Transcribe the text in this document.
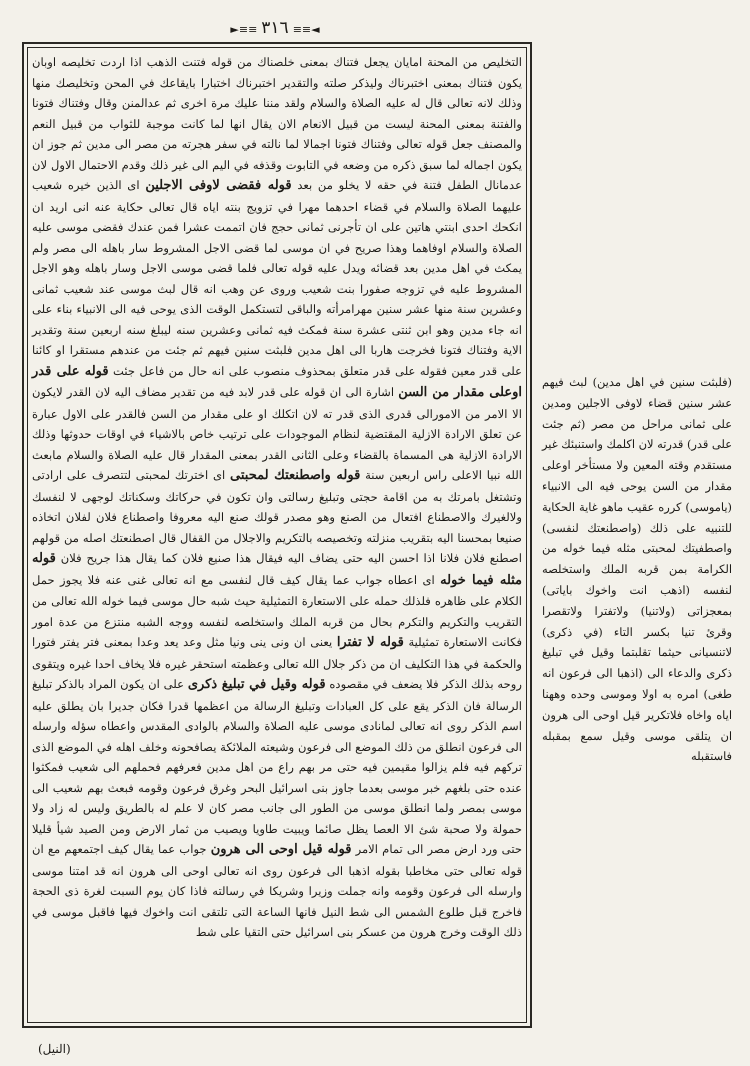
◄≡≡٣١٦≡≡►

التخليص من المحنة امايان يجعل فتناك بمعنى خلصناك من قوله فتنت الذهب اذا اردت تخليصه اوبان يكون فتناك بمعنى اختبرناك وليذكر صلته والتقدير اختبرناك اختبارا بايقاعك في المحن وتخليصك منها وذلك لانه تعالى قال له عليه الصلاة والسلام ولقد مننا عليك مرة اخرى ثم عدالمنن وقال وفتناك فتونا والفتنة بمعنى المحنة ليست من قبيل الانعام الان يقال انها لما كانت موجبة للثواب من قبيل النعم والمصنف جعل قوله تعالى وفتناك فتونا اجمالا لما نالته في سفر هجرته من مصر الى مدين ثم جوز ان يكون اجماله لما سبق ذكره من وضعه في التابوت وقذفه في اليم الى غير ذلك وقدم الاحتمال الاول لان عدمانال الطفل فتنة في حقه لا يخلو من بعد قوله فقضى لاوفى الاجلين اى الذين خيره شعيب عليهما الصلاة والسلام في قضاء احدهما مهرا في تزويج بنته اياه قال تعالى حكاية عنه انى اريد ان انكحك احدى ابنتي هاتين على ان تأجرنى ثمانى حجج فان اتممت عشرا فمن عندك فقضى موسى عليه الصلاة والسلام اوفاهما وهذا صريح في ان موسى لما قضى الاجل المشروط سار باهله الى مصر ولم يمكث في اهل مدين بعد قضائه ويدل عليه قوله تعالى فلما قضى موسى الاجل وسار باهله وهو الاجل المشروط عليه في تزوجه صفورا بنت شعيب وروى عن وهب انه قال لبث موسى عند شعيب ثمانى وعشرين سنة منها عشر سنين مهرامرأته والباقى لتستكمل الوقت الذى يوحى فيه الى الانبياء بناء على انه جاء مدين وهو ابن ثنتى عشرة سنة فمكث فيه ثمانى وعشرين سنه ليبلغ سنه اربعين سنة وتقدير الاية وفتناك فتونا فخرجت هاربا الى اهل مدين فلبثت سنين فيهم ثم جئت من عندهم مستقرا او كائنا على قدر معين فقوله على قدر متعلق بمحذوف منصوب على انه حال من فاعل جئت قوله على قدر اوعلى مقدار من السن اشارة الى ان قوله على قدر لابد فيه من تقدير مضاف اليه لان القدر لايكون الا الامر من الامورالى قدرى الذى قدر ته لان اتكلك او على مقدار من السن فالقدر على الاول عبارة عن تعلق الارادة الازلية المقتضية لنظام الموجودات على ترتيب خاص بالاشياء في اوقات حدوثها وذلك الارادة الازلية هى المسماة بالقضاء وعلى الثانى القدر بمعنى المقدار قال عليه الصلاة والسلام مابعث الله نبيا الاعلى راس اربعين سنة قوله واصطنعتك لمحبتى اى اخترتك لمحبتى لتتصرف على ارادتى وتشتغل بامرتك به من اقامة حجتى وتبليغ رسالتى وان تكون في حركاتك وسكناتك لوجهى لا لنفسك ولالغيرك والاصطناع افتعال من الصنع وهو مصدر قولك صنع اليه معروفا واصطناع فلان لفلان اتخاذه صنيعا بمحسنا اليه بتقريب منزلته وتخصيصه بالتكريم والاجلال من القفال قال اصطنعتك اصله من قولهم اصطنع فلان فلانا اذا احسن اليه حتى يضاف اليه فيقال هذا صنيع فلان كما يقال هذا جريح فلان قوله مثله فيما خوله اى اعطاه جواب عما يقال كيف قال لنفسى مع انه تعالى غنى عنه فلا يجوز حمل الكلام على ظاهره فلذلك حمله على الاستعارة التمثيلية حيث شبه حال موسى فيما خوله الله تعالى من التقريب والتكريم والتكرم بحال من قربه الملك واستخلصه لنفسه ووجه الشبه منتزع من عدة امور فكانت الاستعارة تمثيلية قوله لا تفترا يعنى ان ونى ينى ونيا مثل وعد يعد وعدا بمعنى فتر يفتر فتورا والحكمة في هذا التكليف ان من ذكر جلال الله تعالى وعظمته استحقر غيره فلا يخاف احدا غيره ويتقوى روحه بذلك الذكر فلا يضعف في مقصوده قوله وقيل في تبليغ ذكرى على ان يكون المراد بالذكر تبليغ الرسالة فان الذكر يقع على كل العبادات وتبليغ الرسالة من اعظمها قدرا فكان جديرا بان يطلق عليه اسم الذكر روى انه تعالى لمانادى موسى عليه الصلاة والسلام بالوادى المقدس واعطاه سؤله وارسله الى فرعون انطلق من ذلك الموضع الى فرعون وشيعته الملائكة يصافحونه وخلف اهله في الموضع الذى تركهم فيه فلم يزالوا مقيمين فيه حتى مر بهم راع من اهل مدين فعرفهم فحملهم الى شعيب فمكثوا عنده حتى بلغهم خبر موسى بعدما جاوز بنى اسرائيل البحر وغرق فرعون وقومه فبعث بهم شعيب الى موسى بمصر ولما انطلق موسى من الطور الى جانب مصر كان لا علم له بالطريق وليس له زاد ولا حمولة ولا صحبة شئ الا العصا يظل صائما ويبيت طاويا ويصيب من ثمار الارض ومن الصيد شيأ قليلا حتى ورد ارض مصر الى تمام الامر قوله قيل اوحى الى هرون جواب عما يقال كيف اجتمعهم مع ان قوله تعالى حتى مخاطبا بقوله اذهبا الى فرعون روى انه تعالى اوحى الى هرون انه قد امتنا موسى وارسله الى فرعون وقومه وانه جملت وزيرا وشريكا في رسالته فاذا كان يوم السبت لغرة ذى الحجة فاخرج قبل طلوع الشمس الى شط النيل فانها الساعة التى تلتقى انت واخوك فيها فاقبل موسى في ذلك الوقت وخرج هرون من عسكر بنى اسرائيل حتى التقيا على شط

(فلبثت سنين في اهل مدين) لبث فيهم عشر سنين قضاء لاوفى الاجلين ومدين على ثمانى مراحل من مصر (ثم جئت على قدر) قدرته لان اكلمك واستنبئك غير مستقدم وقته المعين ولا مستأخر اوعلى مقدار من السن يوحى فيه الى الانبياء (ياموسى) كرره عقيب ماهو غاية الحكاية للتنبيه على ذلك (واصطنعتك لنفسى) واصطفيتك لمحبتى مثله فيما خوله من الكرامة بمن قربه الملك واستخلصه لنفسه (اذهب انت واخوك باياتى) بمعجزاتى (ولاتنيا) ولاتفترا ولاتقصرا وقرئ تنيا بكسر التاء (في ذكرى) لاتنسيانى حيثما تقلبتما وقيل في تبليغ ذكرى والدعاء الى (اذهبا الى فرعون انه طغى) امره به اولا وموسى وحده وههنا اياه واخاه فلاتكرير قيل اوحى الى هرون ان يتلقى موسى وقيل سمع بمقبله فاستقبله
(النيل)
